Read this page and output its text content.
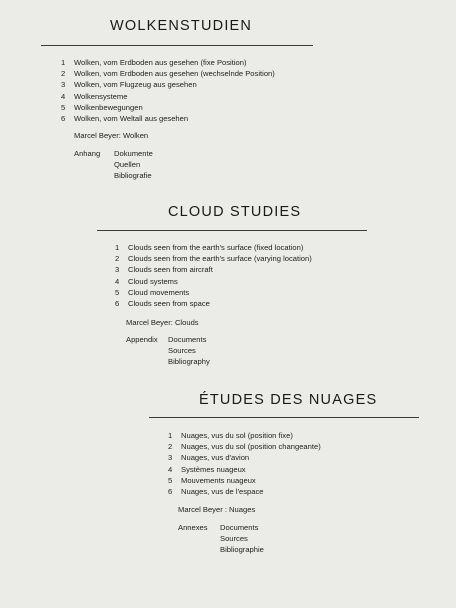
WOLKENSTUDIEN
1	Wolken, vom Erdboden aus gesehen (fixe Position)
2	Wolken, vom Erdboden aus gesehen (wechselnde Position)
3	Wolken, vom Flugzeug aus gesehen
4	Wolkensysteme
5	Wolkenbewegungen
6	Wolken, vom Weltall aus gesehen
Marcel Beyer: Wolken
Anhang	Dokumente
Quellen
Bibliografie
CLOUD STUDIES
1	Clouds seen from the earth's surface (fixed location)
2	Clouds seen from the earth's surface (varying location)
3	Clouds seen from aircraft
4	Cloud systems
5	Cloud movements
6	Clouds seen from space
Marcel Beyer: Clouds
Appendix	Documents
Sources
Bibliography
ÉTUDES DES NUAGES
1	Nuages, vus du sol (position fixe)
2	Nuages, vus du sol (position changeante)
3	Nuages, vus d'avion
4	Systèmes nuageux
5	Mouvements nuageux
6	Nuages, vus de l'espace
Marcel Beyer : Nuages
Annexes	Documents
Sources
Bibliographie
